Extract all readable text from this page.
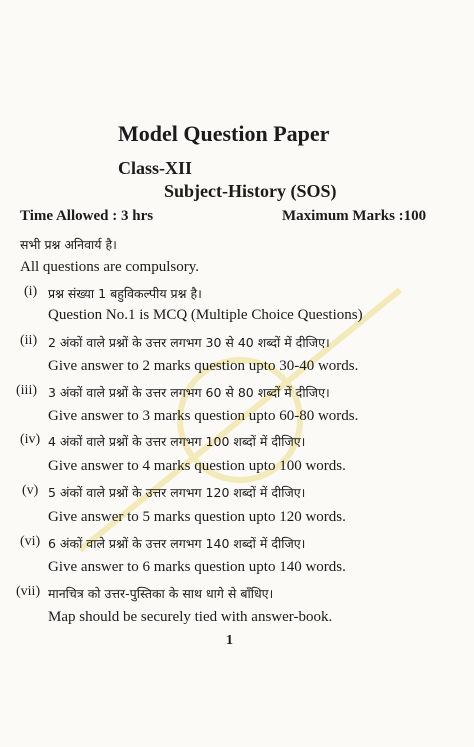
Model Question Paper
Class-XII
Subject-History (SOS)
Time Allowed : 3 hrs	Maximum Marks :100
सभी प्रश्न अनिवार्य है।
All questions are compulsory.
(i) प्रश्न संख्या 1 बहुविकल्पीय प्रश्न है।
Question No.1 is MCQ (Multiple Choice Questions)
(ii) 2 अंकों वाले प्रश्नों के उत्तर लगभग 30 से 40 शब्दों में दीजिए।
Give answer to 2 marks question upto 30-40 words.
(iii) 3 अंकों वाले प्रश्नों के उत्तर लगभग 60 से 80 शब्दों में दीजिए।
Give answer to 3 marks question upto 60-80 words.
(iv) 4 अंकों वाले प्रश्नों के उत्तर लगभग 100 शब्दों में दीजिए।
Give answer to 4 marks question upto 100 words.
(v) 5 अंकों वाले प्रश्नों के उत्तर लगभग 120 शब्दों में दीजिए।
Give answer to 5 marks question upto 120 words.
(vi) 6 अंकों वाले प्रश्नों के उत्तर लगभग 140 शब्दों में दीजिए।
Give answer to 6 marks question upto 140 words.
(vii) मानचित्र को उत्तर-पुस्तिका के साथ धागे से बाँधिए।
Map should be securely tied with answer-book.
1
